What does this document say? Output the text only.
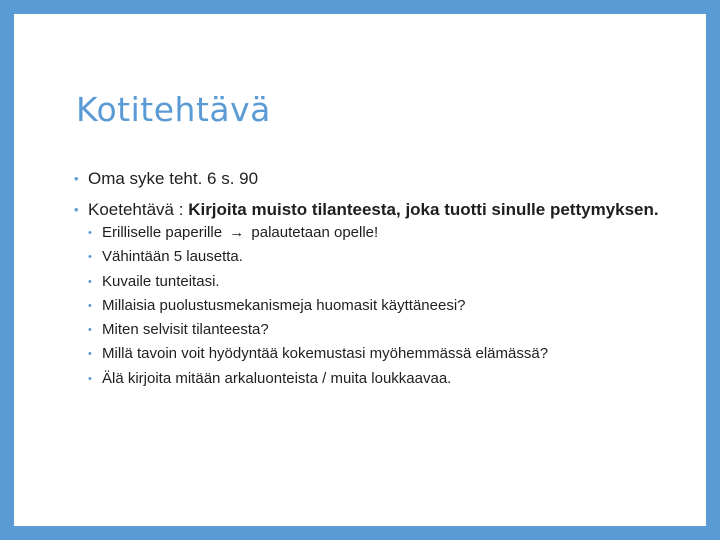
Kotitehtävä
• Oma syke teht. 6 s. 90
• Koetehtävä : Kirjoita muisto tilanteesta, joka tuotti sinulle pettymyksen.
• Erilliselle paperille → palautetaan opelle!
• Vähintään 5 lausetta.
• Kuvaile tunteitasi.
• Millaisia puolustusmekanismeja huomasit käyttäneesi?
• Miten selvisit tilanteesta?
• Millä tavoin voit hyödyntää kokemustasi myöhemmässä elämässä?
• Älä kirjoita mitään arkaluonteista / muita loukkaavaa.
